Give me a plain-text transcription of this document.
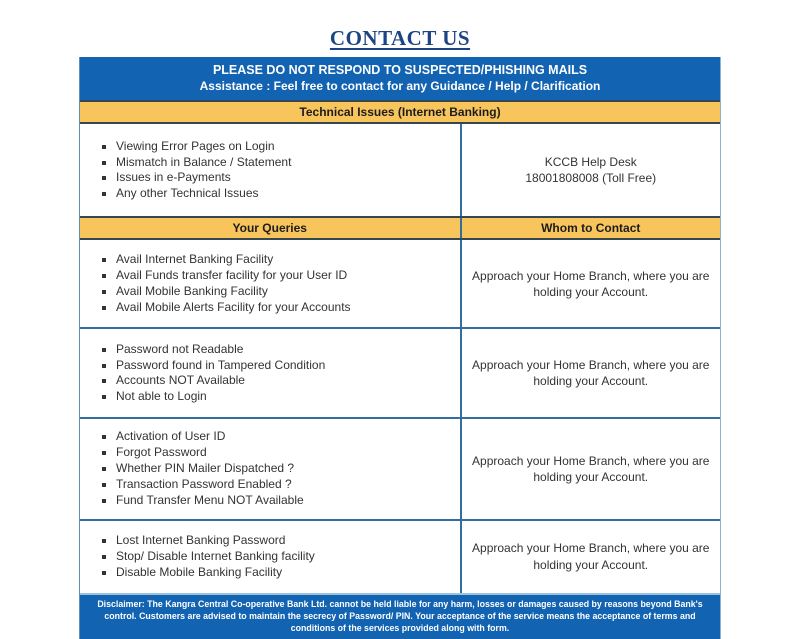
CONTACT US
PLEASE DO NOT RESPOND TO SUSPECTED/PHISHING MAILS
Assistance : Feel free to contact for any Guidance / Help / Clarification
Technical Issues (Internet Banking)
▪ Viewing Error Pages on Login
▪ Mismatch in Balance / Statement
▪ Issues in e-Payments
▪ Any other Technical Issues
KCCB Help Desk
18001808008 (Toll Free)
Your Queries	Whom to Contact
▪ Avail Internet Banking Facility
▪ Avail Funds transfer facility for your User ID
▪ Avail Mobile Banking Facility
▪ Avail Mobile Alerts Facility for your Accounts
Approach your Home Branch, where you are holding your Account.
▪ Password not Readable
▪ Password found in Tampered Condition
▪ Accounts NOT Available
▪ Not able to Login
Approach your Home Branch, where you are holding your Account.
▪ Activation of User ID
▪ Forgot Password
▪ Whether PIN Mailer Dispatched ?
▪ Transaction Password Enabled ?
▪ Fund Transfer Menu NOT Available
Approach your Home Branch, where you are holding your Account.
▪ Lost Internet Banking Password
▪ Stop/ Disable Internet Banking facility
▪ Disable Mobile Banking Facility
Approach your Home Branch, where you are holding your Account.
Disclaimer: The Kangra Central Co-operative Bank Ltd. cannot be held liable for any harm, losses or damages caused by reasons beyond Bank's control. Customers are advised to maintain the secrecy of Password/ PIN. Your acceptance of the service means the acceptance of terms and conditions of the services provided along with form.
